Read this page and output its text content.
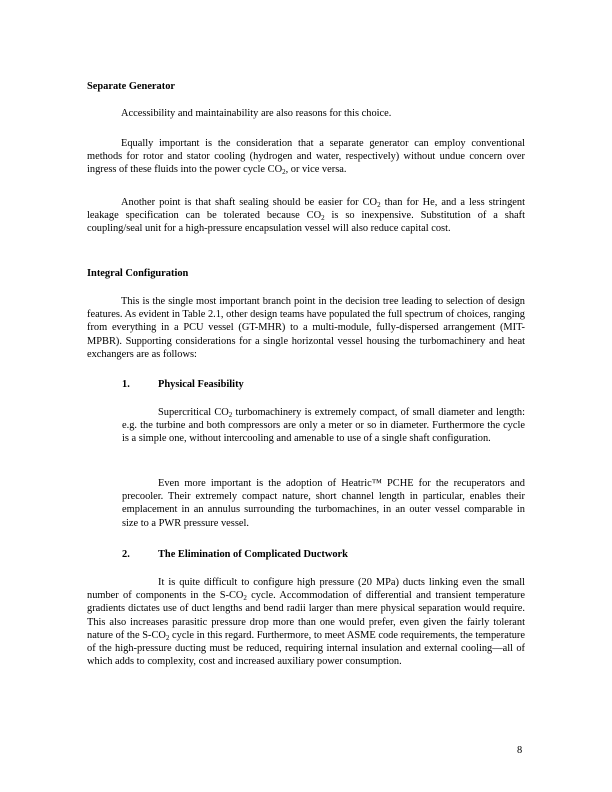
Separate Generator

Accessibility and maintainability are also reasons for this choice.

Equally important is the consideration that a separate generator can employ conventional methods for rotor and stator cooling (hydrogen and water, respectively) without undue concern over ingress of these fluids into the power cycle $CO_2$, or vice versa.

Another point is that shaft sealing should be easier for $CO_2$ than for He, and a less stringent leakage specification can be tolerated because $CO_2$ is so inexpensive. Substitution of a shaft coupling/seal unit for a high-pressure encapsulation vessel will also reduce capital cost.

Integral Configuration

This is the single most important branch point in the decision tree leading to selection of design features. As evident in Table 2.1, other design teams have populated the full spectrum of choices, ranging from everything in a PCU vessel (GT-MHR) to a multi-module, fully-dispersed arrangement (MIT-MPBR). Supporting considerations for a single horizontal vessel housing the turbomachinery and heat exchangers are as follows:

1.	Physical Feasibility

Supercritical $CO_2$ turbomachinery is extremely compact, of small diameter and length: e.g. the turbine and both compressors are only a meter or so in diameter. Furthermore the cycle is a simple one, without intercooling and amenable to use of a single shaft configuration.

Even more important is the adoption of Heatric™ PCHE for the recuperators and precooler. Their extremely compact nature, short channel length in particular, enables their emplacement in an annulus surrounding the turbomachines, in an outer vessel comparable in size to a PWR pressure vessel.

2.	The Elimination of Complicated Ductwork

It is quite difficult to configure high pressure (20 MPa) ducts linking even the small number of components in the $S-CO_2$ cycle. Accommodation of differential and transient temperature gradients dictates use of duct lengths and bend radii larger than mere physical separation would require. This also increases parasitic pressure drop more than one would prefer, even given the fairly tolerant nature of the $S-CO_2$ cycle in this regard. Furthermore, to meet ASME code requirements, the temperature of the high-pressure ducting must be reduced, requiring internal insulation and external cooling—all of which adds to complexity, cost and increased auxiliary power consumption.

8
